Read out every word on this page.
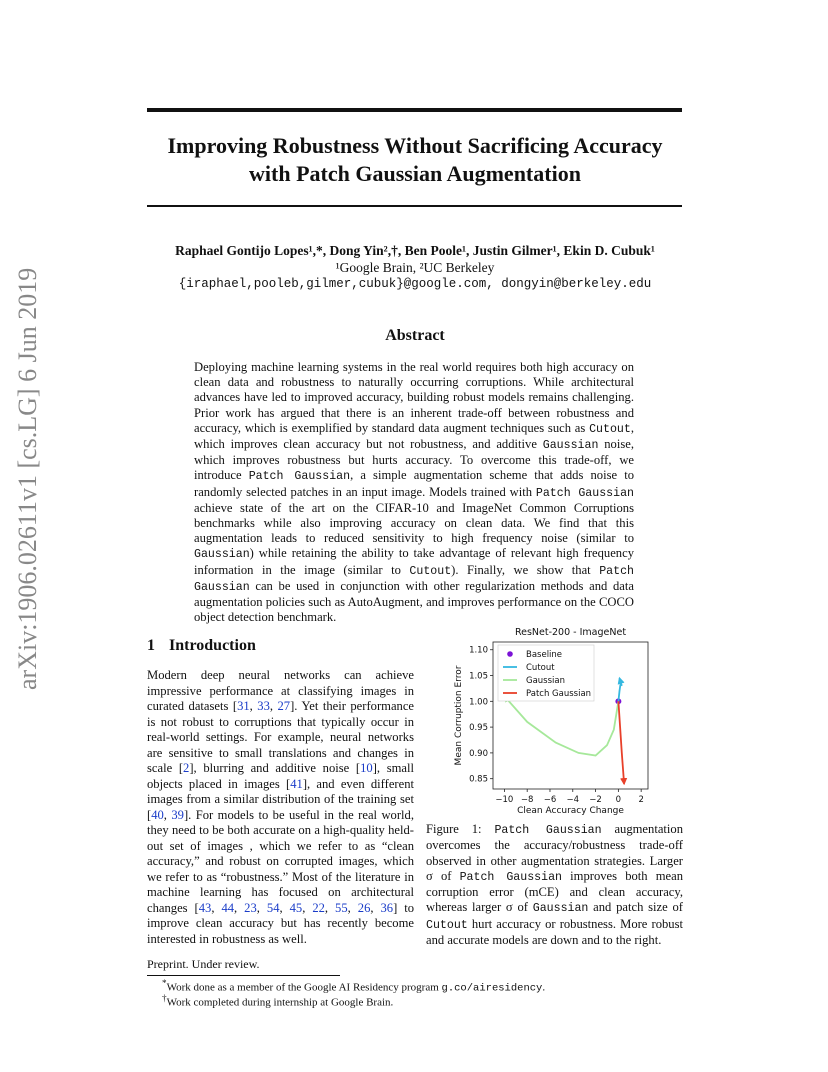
arXiv:1906.02611v1 [cs.LG] 6 Jun 2019
Improving Robustness Without Sacrificing Accuracy
with Patch Gaussian Augmentation
Raphael Gontijo Lopes¹,*, Dong Yin²,†, Ben Poole¹, Justin Gilmer¹, Ekin D. Cubuk¹
¹Google Brain, ²UC Berkeley
{iraphael,pooleb,gilmer,cubuk}@google.com, dongyin@berkeley.edu
Abstract
Deploying machine learning systems in the real world requires both high accuracy on clean data and robustness to naturally occurring corruptions. While architectural advances have led to improved accuracy, building robust models remains challenging. Prior work has argued that there is an inherent trade-off between robustness and accuracy, which is exemplified by standard data augment techniques such as Cutout, which improves clean accuracy but not robustness, and additive Gaussian noise, which improves robustness but hurts accuracy. To overcome this trade-off, we introduce Patch Gaussian, a simple augmentation scheme that adds noise to randomly selected patches in an input image. Models trained with Patch Gaussian achieve state of the art on the CIFAR-10 and ImageNet Common Corruptions benchmarks while also improving accuracy on clean data. We find that this augmentation leads to reduced sensitivity to high frequency noise (similar to Gaussian) while retaining the ability to take advantage of relevant high frequency information in the image (similar to Cutout). Finally, we show that Patch Gaussian can be used in conjunction with other regularization methods and data augmentation policies such as AutoAugment, and improves performance on the COCO object detection benchmark.
1 Introduction
Modern deep neural networks can achieve impressive performance at classifying images in curated datasets [31, 33, 27]. Yet their performance is not robust to corruptions that typically occur in real-world settings. For example, neural networks are sensitive to small translations and changes in scale [2], blurring and additive noise [10], small objects placed in images [41], and even different images from a similar distribution of the training set [40, 39]. For models to be useful in the real world, they need to be both accurate on a high-quality held-out set of images , which we refer to as “clean accuracy,” and robust on corrupted images, which we refer to as “robustness.” Most of the literature in machine learning has focused on architectural changes [43, 44, 23, 54, 45, 22, 55, 26, 36] to improve clean accuracy but has recently become interested in robustness as well.
ResNet-200 - ImageNet
−10 −8 −6 −4 −2 0 2
0.85
0.90
0.95
1.00
1.05
1.10
Clean Accuracy Change
Mean Corruption Error
Baseline
Cutout
Gaussian
Patch Gaussian
Figure 1: Patch Gaussian augmentation overcomes the accuracy/robustness trade-off observed in other augmentation strategies. Larger σ of Patch Gaussian improves both mean corruption error (mCE) and clean accuracy, whereas larger σ of Gaussian and patch size of Cutout hurt accuracy or robustness. More robust and accurate models are down and to the right.
Preprint. Under review.
*Work done as a member of the Google AI Residency program g.co/airesidency.
†Work completed during internship at Google Brain.
